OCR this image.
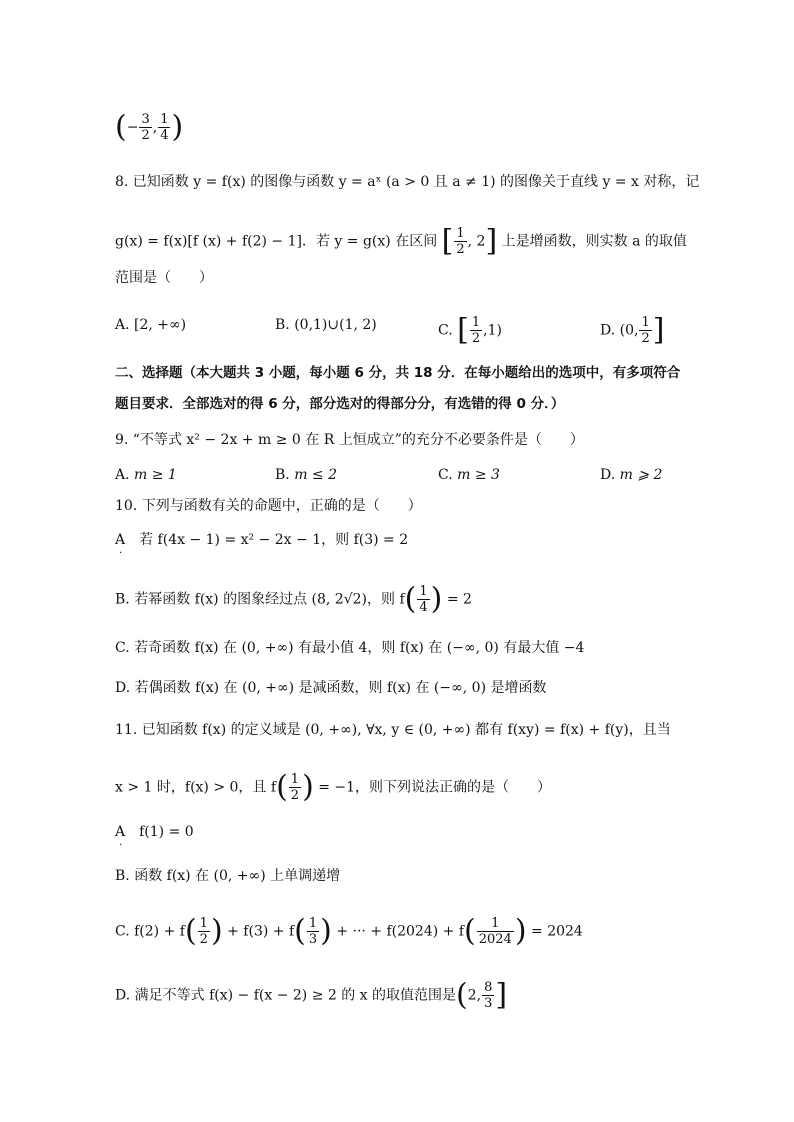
(− $\frac{3}{2}$ , $\frac{1}{4}$ )
8. 已知函数 y = f(x) 的图像与函数 y = aˣ (a > 0 且 a ≠ 1) 的图像关于直线 y = x 对称，记
g(x) = f(x)[f (x) + f(2) − 1]．若 y = g(x) 在区间 [ $\frac{1}{2}$ , 2] 上是增函数，则实数 a 的取值
范围是（　　）
A. [2, +∞)	B. (0,1)∪(1, 2)	C. [ $\frac{1}{2} ,1$)	D. (0, $\frac{1}{2}$ ]
二、选择题（本大题共 3 小题，每小题 6 分，共 18 分．在每小题给出的选项中，有多项符合
题目要求．全部选对的得 6 分，部分选对的得部分分，有选错的得 0 分．）
9. “不等式 x² − 2x + m ≥ 0 在 R 上恒成立”的充分不必要条件是（　　）
A. m ≥ 1	B. m ≤ 2	C. m ≥ 3	D. m ⩾ 2
10. 下列与函数有关的命题中，正确的是（　　）
A　若 f(4x − 1) = x² − 2x − 1，则 f(3) = 2
·
B. 若幂函数 f(x) 的图象经过点 (8, 2√2)，则 $f( \frac{1}{4}$ ) = 2
C. 若奇函数 f(x) 在 (0, +∞) 有最小值 4，则 f(x) 在 (−∞, 0) 有最大值 −4
D. 若偶函数 f(x) 在 (0, +∞) 是减函数，则 f(x) 在 (−∞, 0) 是增函数
11. 已知函数 f(x) 的定义域是 (0, +∞), ∀x, y ∈ (0, +∞) 都有 f(xy) = f(x) + f(y)，且当
x > 1 时，f(x) > 0，且 $f( \frac{1}{2}$ ) = −1，则下列说法正确的是（　　）
A　f(1) = 0
·
B. 函数 f(x) 在 (0, +∞) 上单调递增
C. $f(2) + f( \frac{1}{2}$ ) + $f(3) + f( \frac{1}{3}$ ) + ··· + $f(2024) + f( \frac{1}{2024}$ ) = 2024
D. 满足不等式 f(x) − f(x − 2) ≥ 2 的 x 的取值范围是(2, $\frac{8}{3}$ ]
